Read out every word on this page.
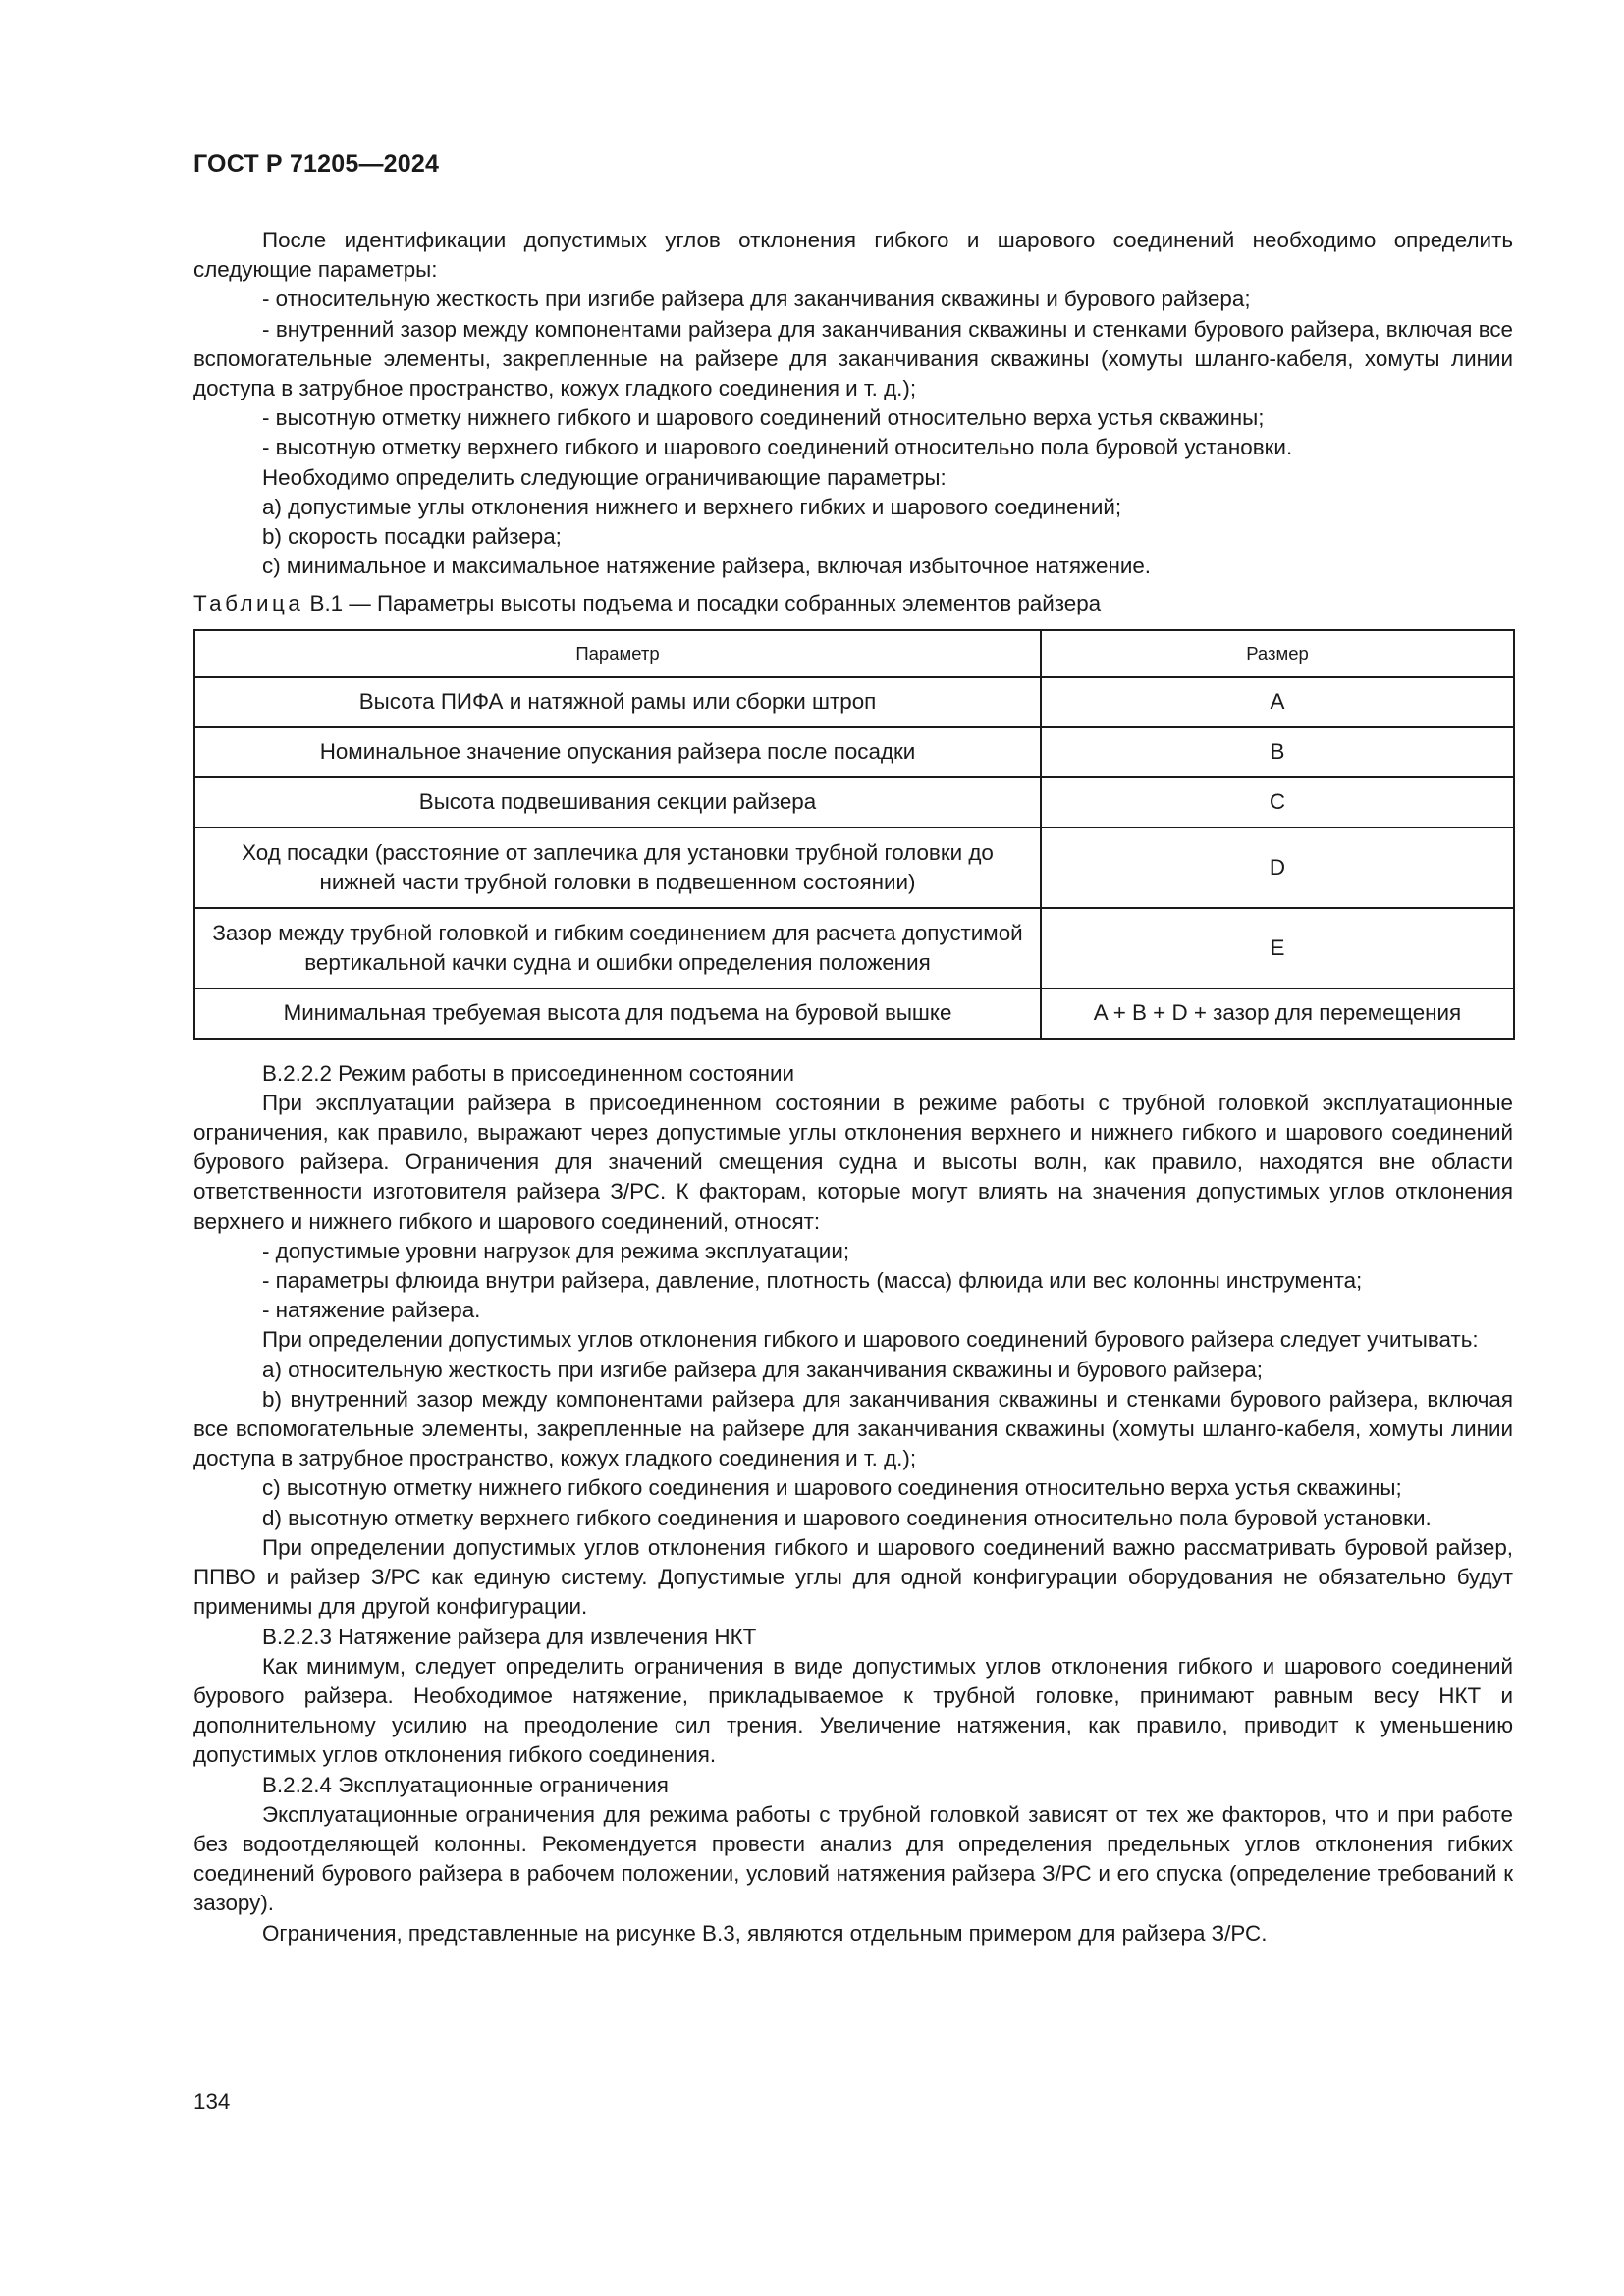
ГОСТ Р 71205—2024

После идентификации допустимых углов отклонения гибкого и шарового соединений необходимо определить следующие параметры:

- относительную жесткость при изгибе райзера для заканчивания скважины и бурового райзера;

- внутренний зазор между компонентами райзера для заканчивания скважины и стенками бурового райзера, включая все вспомогательные элементы, закрепленные на райзере для заканчивания скважины (хомуты шланго-кабеля, хомуты линии доступа в затрубное пространство, кожух гладкого соединения и т. д.);

- высотную отметку нижнего гибкого и шарового соединений относительно верха устья скважины;

- высотную отметку верхнего гибкого и шарового соединений относительно пола буровой установки.

Необходимо определить следующие ограничивающие параметры:

а) допустимые углы отклонения нижнего и верхнего гибких и шарового соединений;

b) скорость посадки райзера;

с) минимальное и максимальное натяжение райзера, включая избыточное натяжение.

Таблица В.1 — Параметры высоты подъема и посадки собранных элементов райзера

Параметр	Размер
Высота ПИФА и натяжной рамы или сборки штроп	A
Номинальное значение опускания райзера после посадки	B
Высота подвешивания секции райзера	C
Ход посадки (расстояние от заплечика для установки трубной головки до нижней части трубной головки в подвешенном состоянии)	D
Зазор между трубной головкой и гибким соединением для расчета допустимой вертикальной качки судна и ошибки определения положения	E
Минимальная требуемая высота для подъема на буровой вышке	A + B + D + зазор для перемещения

В.2.2.2 Режим работы в присоединенном состоянии

При эксплуатации райзера в присоединенном состоянии в режиме работы с трубной головкой эксплуатационные ограничения, как правило, выражают через допустимые углы отклонения верхнего и нижнего гибкого и шарового соединений бурового райзера. Ограничения для значений смещения судна и высоты волн, как правило, находятся вне области ответственности изготовителя райзера З/РС. К факторам, которые могут влиять на значения допустимых углов отклонения верхнего и нижнего гибкого и шарового соединений, относят:

- допустимые уровни нагрузок для режима эксплуатации;

- параметры флюида внутри райзера, давление, плотность (масса) флюида или вес колонны инструмента;

- натяжение райзера.

При определении допустимых углов отклонения гибкого и шарового соединений бурового райзера следует учитывать:

а) относительную жесткость при изгибе райзера для заканчивания скважины и бурового райзера;

b) внутренний зазор между компонентами райзера для заканчивания скважины и стенками бурового райзера, включая все вспомогательные элементы, закрепленные на райзере для заканчивания скважины (хомуты шланго-кабеля, хомуты линии доступа в затрубное пространство, кожух гладкого соединения и т. д.);

с) высотную отметку нижнего гибкого соединения и шарового соединения относительно верха устья скважины;

d) высотную отметку верхнего гибкого соединения и шарового соединения относительно пола буровой установки.

При определении допустимых углов отклонения гибкого и шарового соединений важно рассматривать буровой райзер, ППВО и райзер З/РС как единую систему. Допустимые углы для одной конфигурации оборудования не обязательно будут применимы для другой конфигурации.

В.2.2.3 Натяжение райзера для извлечения НКТ

Как минимум, следует определить ограничения в виде допустимых углов отклонения гибкого и шарового соединений бурового райзера. Необходимое натяжение, прикладываемое к трубной головке, принимают равным весу НКТ и дополнительному усилию на преодоление сил трения. Увеличение натяжения, как правило, приводит к уменьшению допустимых углов отклонения гибкого соединения.

В.2.2.4 Эксплуатационные ограничения

Эксплуатационные ограничения для режима работы с трубной головкой зависят от тех же факторов, что и при работе без водоотделяющей колонны. Рекомендуется провести анализ для определения предельных углов отклонения гибких соединений бурового райзера в рабочем положении, условий натяжения райзера З/РС и его спуска (определение требований к зазору).

Ограничения, представленные на рисунке В.3, являются отдельным примером для райзера З/РС.

134
